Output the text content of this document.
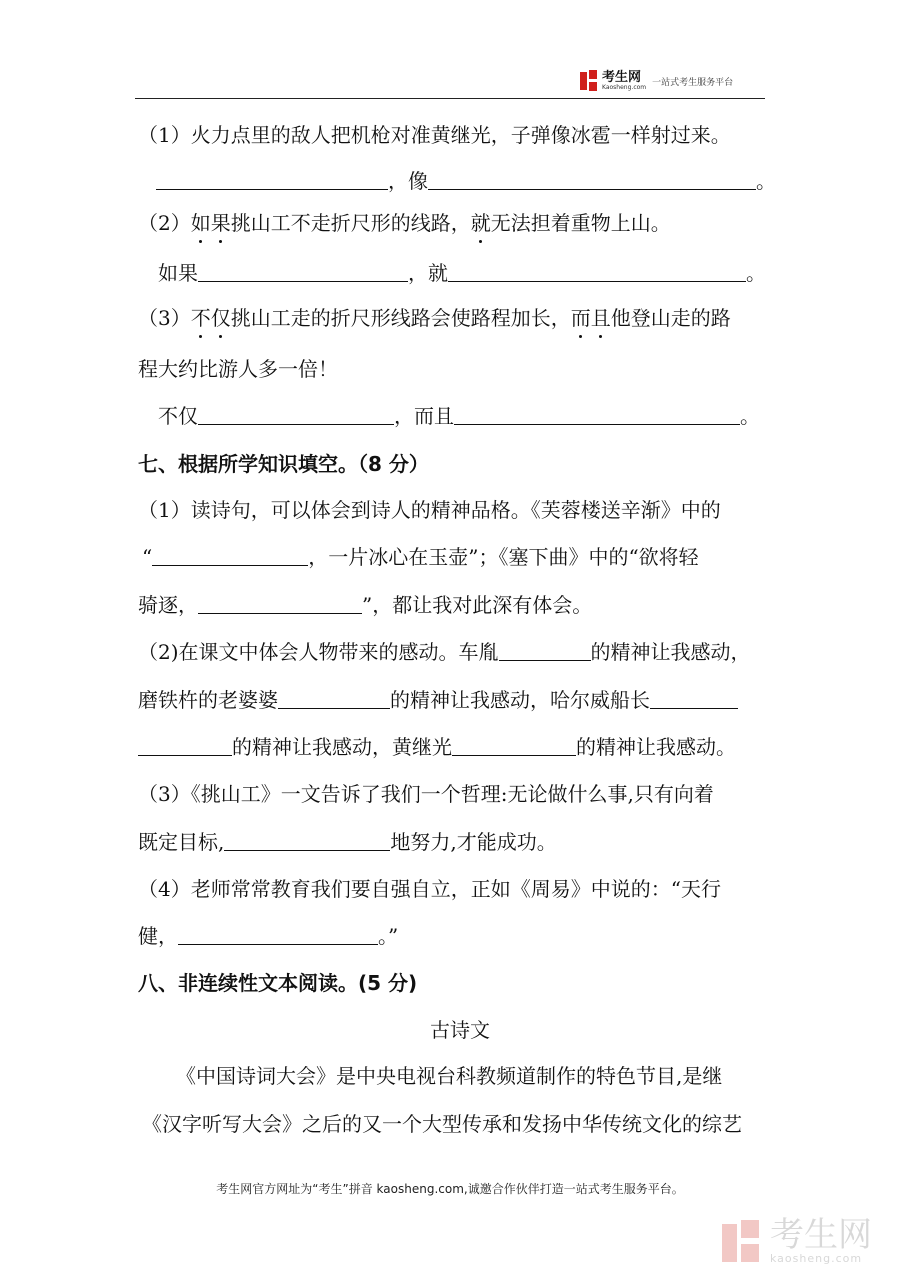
考生网
Kaosheng.com 一站式考生服务平台
（1）火力点里的敌人把机枪对准黄继光，子弹像冰雹一样射过来。
，像	。
（2）如果挑山工不走折尺形的线路，就无法担着重物上山。
如果	，就	。
（3）不仅挑山工走的折尺形线路会使路程加长，而且他登山走的路
程大约比游人多一倍！
不仅	，而且	。
七、根据所学知识填空。（8 分）
（1）读诗句，可以体会到诗人的精神品格。《芙蓉楼送辛渐》中的
“	，一片冰心在玉壶”；《塞下曲》中的“欲将轻
骑逐，	”，都让我对此深有体会。
（2)在课文中体会人物带来的感动。车胤	的精神让我感动，
磨铁杵的老婆婆	的精神让我感动，哈尔威船长
的精神让我感动，黄继光	的精神让我感动。
（3）《挑山工》一文告诉了我们一个哲理:无论做什么事,只有向着
既定目标,	地努力,才能成功。
（4）老师常常教育我们要自强自立，正如《周易》中说的：“天行
健，	。”
八、非连续性文本阅读。(5 分)
古诗文
《中国诗词大会》是中央电视台科教频道制作的特色节目,是继
《汉字听写大会》之后的又一个大型传承和发扬中华传统文化的综艺
考生网官方网址为“考生”拼音 kaosheng.com,诚邀合作伙伴打造一站式考生服务平台。
考生网
kaosheng.com
